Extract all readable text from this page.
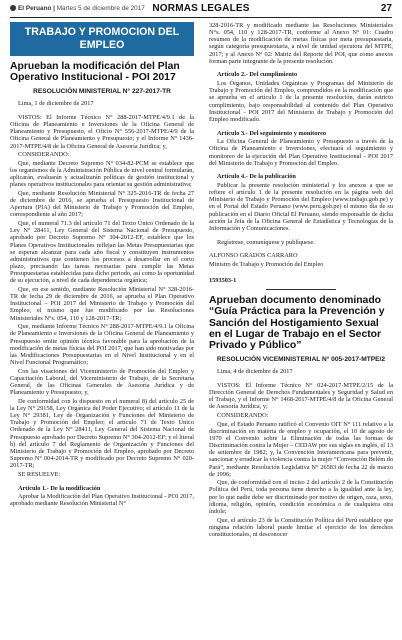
El Peruano | Martes 5 de diciembre de 2017 NORMAS LEGALES	27
TRABAJO Y PROMOCION DEL EMPLEO
Aprueban la modificación del Plan Operativo Institucional - POI 2017
RESOLUCIÓN MINISTERIAL N° 227-2017-TR

Lima, 1 de diciembre de 2017

VISTOS: El Informe Técnico N° 288-2017-MTPE/4/9.1 de la Oficina de Planeamiento e Inversiones de la Oficina General de Planeamiento y Presupuesto, el Oficio N° 556-2017-MTPE/4/9 de la Oficina General de Planeamiento y Presupuesto; y el Informe N° 1436-2017-MTPE/4/8 de la Oficina General de Asesoría Jurídica; y,

CONSIDERANDO:

Que, mediante Decreto Supremo N° 034-82-PCM se establece que los organismos de la Administración Pública de nivel central formularán, aplicarán, evaluarán y actualizarán políticas de gestión institucional y planes operativos institucionales para orientar su gestión administrativa;

Que, mediante Resolución Ministerial N° 325-2016-TR de fecha 27 de diciembre de 2016, se aprueba el Presupuesto Institucional de Apertura (PIA) del Ministerio de Trabajo y Promoción del Empleo, correspondiente al año 2017;

Que, el numeral 71.3 del artículo 71 del Texto Único Ordenado de la Ley N° 28411, Ley General del Sistema Nacional de Presupuesto, aprobado por Decreto Supremo N° 304-2012-EF, establece que los Planes Operativos Institucionales reflejan las Metas Presupuestarias que se esperan alcanzar para cada año fiscal y constituyen instrumentos administrativos que contienen los procesos a desarrollar en el corto plazo, precisando las tareas necesarias para cumplir las Metas Presupuestarias establecidas para dicho periodo, así como la oportunidad de su ejecución, a nivel de cada dependencia orgánica;

Que, en ese sentido, mediante Resolución Ministerial N° 328-2016-TR de fecha 29 de diciembre de 2016, se aprueba el Plan Operativo Institucional – POI 2017 del Ministerio de Trabajo y Promoción del Empleo, el mismo que fue modificado por las Resoluciones Ministeriales N°s. 054, 110 y 128-2017-TR;

Que, mediante Informe Técnico N° 288-2017-MTPE/4/9.1 la Oficina de Planeamiento e Inversiones de la Oficina General de Planeamiento y Presupuesto emite opinión técnica favorable para la aprobación de la modificación de metas físicas del POI 2017, que han sido motivadas por las Modificaciones Presupuestarias en el Nivel Institucional y en el Nivel Funcional Programático;

Con las visaciones del Viceministerio de Promoción del Empleo y Capacitación Laboral, del Viceministerio de Trabajo, de la Secretaría General, de las Oficinas Generales de Asesoría Jurídica y de Planeamiento y Presupuesto; y,

De conformidad con lo dispuesto en el numeral 8) del artículo 25 de la Ley N° 29158, Ley Orgánica del Poder Ejecutivo; el artículo 11 de la Ley N° 29381, Ley de Organización y Funciones del Ministerio de Trabajo y Promoción del Empleo; el artículo 71 de Texto Único Ordenado de la Ley N° 28411, Ley General del Sistema Nacional de Presupuesto aprobado por Decreto Supremo N° 304-2012-EF; y el literal b) del artículo 7 del Reglamento de Organización y Funciones del Ministerio de Trabajo y Promoción del Empleo, aprobado por Decreto Supremo N° 004-2014-TR y modificado por Decreto Supremo N° 020-2017-TR;

SE RESUELVE:

Artículo 1.- De la modificación

Aprobar la Modificación del Plan Operativo Institucional - POI 2017, aprobado mediante Resolución Ministerial N°

328-2016-TR y modificado mediante las Resoluciones Ministeriales N°s. 054, 110 y 128-2017-TR, conforme al Anexo N° 01: Cuadro resumen de la modificación de metas físicas por meta presupuestaria, según categoría presupuestaria, a nivel de unidad ejecutora del MTPE, 2017; y al Anexo N° 02: Matriz del Reporte del POI, que como anexos forman parte integrante de la presente resolución.

Artículo 2.- Del cumplimiento

Los Órganos, Unidades Orgánicas y Programas del Ministerio de Trabajo y Promoción del Empleo, comprendidos en la modificación que se aprueba en el artículo 1 de la presente resolución, darán estricto cumplimiento, bajo responsabilidad al contenido del Plan Operativo Institucional - POI 2017 del Ministerio de Trabajo y Promoción del Empleo modificado.

Artículo 3.- Del seguimiento y monitoreo

La Oficina General de Planeamiento y Presupuesto a través de la Oficina de Planeamiento e Inversiones, efectuará el seguimiento y monitoreo de la ejecución del Plan Operativo Institucional - POI 2017 del Ministerio de Trabajo y Promoción del Empleo.

Artículo 4.- De la publicación

Publicar la presente resolución ministerial y los anexos a que se refiere el artículo 1 de la presente resolución en la página web del Ministerio de Trabajo y Promoción del Empleo (www.trabajo.gob.pe) y en el Portal del Estado Peruano (www.peru.gob.pe) el mismo día de su publicación en el Diario Oficial El Peruano, siendo responsable de dicha acción la Jefa de la Oficina General de Estadística y Tecnologías de la Información y Comunicaciones.

Regístrese, comuníquese y publíquese.

ALFONSO GRADOS CARRARO

Ministro de Trabajo y Promoción del Empleo

1593503-1

Aprueban documento denominado “Guía Práctica para la Prevención y Sanción del Hostigamiento Sexual en el Lugar de Trabajo en el Sector Privado y Público”
RESOLUCIÓN VICEMINISTERIAL N° 005-2017-MTPE/2

Lima, 4 de diciembre de 2017

VISTOS: El Informe Técnico N° 024-2017-MTPE/2/15 de la Dirección General de Derechos Fundamentales y Seguridad y Salud en el Trabajo, y el Informe N° 1468-2017-MTPE/4/8 de la Oficina General de Asesoría Jurídica, y;

CONSIDERANDO:

Que, el Estado Peruano ratificó el Convenio OIT N° 111 relativo a la discriminación en materia de empleo y ocupación, el 10 de agosto de 1970 el Convenio sobre la Eliminación de todas las formas de Discriminación contra la Mujer – CEDAW por sus siglas en inglés, el 13 de setiembre de 1982; y, la Convención Interamericana para prevenir, sancionar y erradicar la violencia contra la mujer “Convención Belém do Pará”, mediante Resolución Legislativa N° 26583 de fecha 22 de marzo de 1996;

Que, de conformidad con el inciso 2 del artículo 2 de la Constitución Política del Perú, toda persona tiene derecho a la igualdad ante la ley, por lo que nadie debe ser discriminado por motivo de origen, raza, sexo, idioma, religión, opinión, condición económica o de cualquiera otra índole;

Que, el artículo 23 de la Constitución Política del Perú establece que ninguna relación laboral puede limitar el ejercicio de los derechos constitucionales, ni desconocer
